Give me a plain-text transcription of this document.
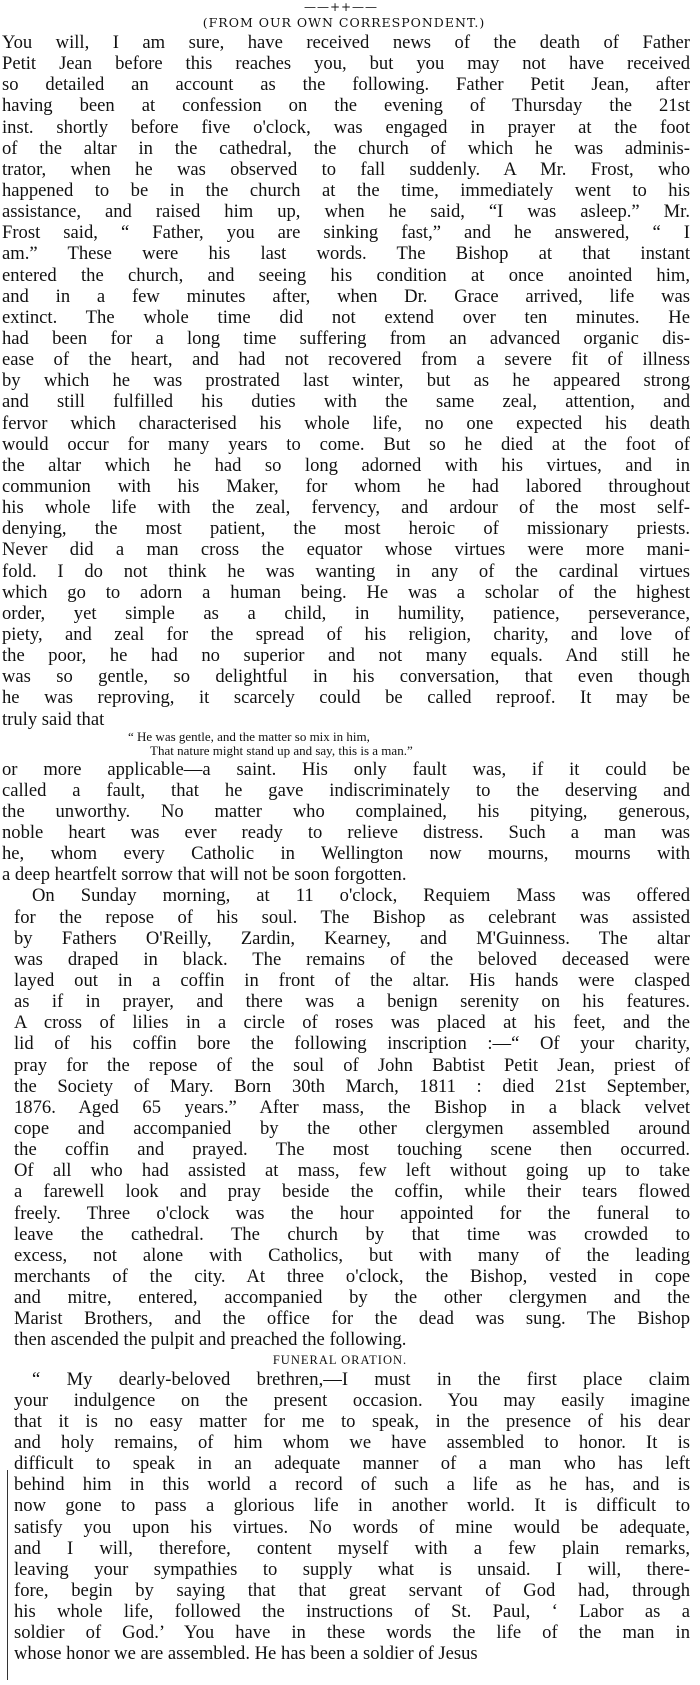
——++——
(FROM OUR OWN CORRESPONDENT.)
You will, I am sure, have received news of the death of Father
Petit Jean before this reaches you, but you may not have received
so detailed an account as the following. Father Petit Jean, after
having been at confession on the evening of Thursday the 21st
inst. shortly before five o'clock, was engaged in prayer at the foot
of the altar in the cathedral, the church of which he was adminis-
trator, when he was observed to fall suddenly. A Mr. Frost, who
happened to be in the church at the time, immediately went to his
assistance, and raised him up, when he said, “I was asleep.” Mr.
Frost said, “ Father, you are sinking fast,” and he answered, “ I
am.” These were his last words. The Bishop at that instant
entered the church, and seeing his condition at once anointed him,
and in a few minutes after, when Dr. Grace arrived, life was
extinct. The whole time did not extend over ten minutes. He
had been for a long time suffering from an advanced organic dis-
ease of the heart, and had not recovered from a severe fit of illness
by which he was prostrated last winter, but as he appeared strong
and still fulfilled his duties with the same zeal, attention, and
fervor which characterised his whole life, no one expected his death
would occur for many years to come. But so he died at the foot of
the altar which he had so long adorned with his virtues, and in
communion with his Maker, for whom he had labored throughout
his whole life with the zeal, fervency, and ardour of the most self-
denying, the most patient, the most heroic of missionary priests.
Never did a man cross the equator whose virtues were more mani-
fold. I do not think he was wanting in any of the cardinal virtues
which go to adorn a human being. He was a scholar of the highest
order, yet simple as a child, in humility, patience, perseverance,
piety, and zeal for the spread of his religion, charity, and love of
the poor, he had no superior and not many equals. And still he
was so gentle, so delightful in his conversation, that even though
he was reproving, it scarcely could be called reproof. It may be
truly said that
“ He was gentle, and the matter so mix in him,
That nature might stand up and say, this is a man.”
or more applicable—a saint. His only fault was, if it could be
called a fault, that he gave indiscriminately to the deserving and
the unworthy. No matter who complained, his pitying, generous,
noble heart was ever ready to relieve distress. Such a man was
he, whom every Catholic in Wellington now mourns, mourns with
a deep heartfelt sorrow that will not be soon forgotten.
On Sunday morning, at 11 o'clock, Requiem Mass was offered
for the repose of his soul. The Bishop as celebrant was assisted
by Fathers O'Reilly, Zardin, Kearney, and M'Guinness. The altar
was draped in black. The remains of the beloved deceased were
layed out in a coffin in front of the altar. His hands were clasped
as if in prayer, and there was a benign serenity on his features.
A cross of lilies in a circle of roses was placed at his feet, and the
lid of his coffin bore the following inscription :—“ Of your charity,
pray for the repose of the soul of John Babtist Petit Jean, priest of
the Society of Mary. Born 30th March, 1811 : died 21st September,
1876. Aged 65 years.” After mass, the Bishop in a black velvet
cope and accompanied by the other clergymen assembled around
the coffin and prayed. The most touching scene then occurred.
Of all who had assisted at mass, few left without going up to take
a farewell look and pray beside the coffin, while their tears flowed
freely. Three o'clock was the hour appointed for the funeral to
leave the cathedral. The church by that time was crowded to
excess, not alone with Catholics, but with many of the leading
merchants of the city. At three o'clock, the Bishop, vested in cope
and mitre, entered, accompanied by the other clergymen and the
Marist Brothers, and the office for the dead was sung. The Bishop
then ascended the pulpit and preached the following.
FUNERAL ORATION.
“ My dearly-beloved brethren,—I must in the first place claim
your indulgence on the present occasion. You may easily imagine
that it is no easy matter for me to speak, in the presence of his dear
and holy remains, of him whom we have assembled to honor. It is
difficult to speak in an adequate manner of a man who has left
behind him in this world a record of such a life as he has, and is
now gone to pass a glorious life in another world. It is difficult to
satisfy you upon his virtues. No words of mine would be adequate,
and I will, therefore, content myself with a few plain remarks,
leaving your sympathies to supply what is unsaid. I will, there-
fore, begin by saying that that great servant of God had, through
his whole life, followed the instructions of St. Paul, ‘ Labor as a
soldier of God.’ You have in these words the life of the man in
whose honor we are assembled. He has been a soldier of Jesus
